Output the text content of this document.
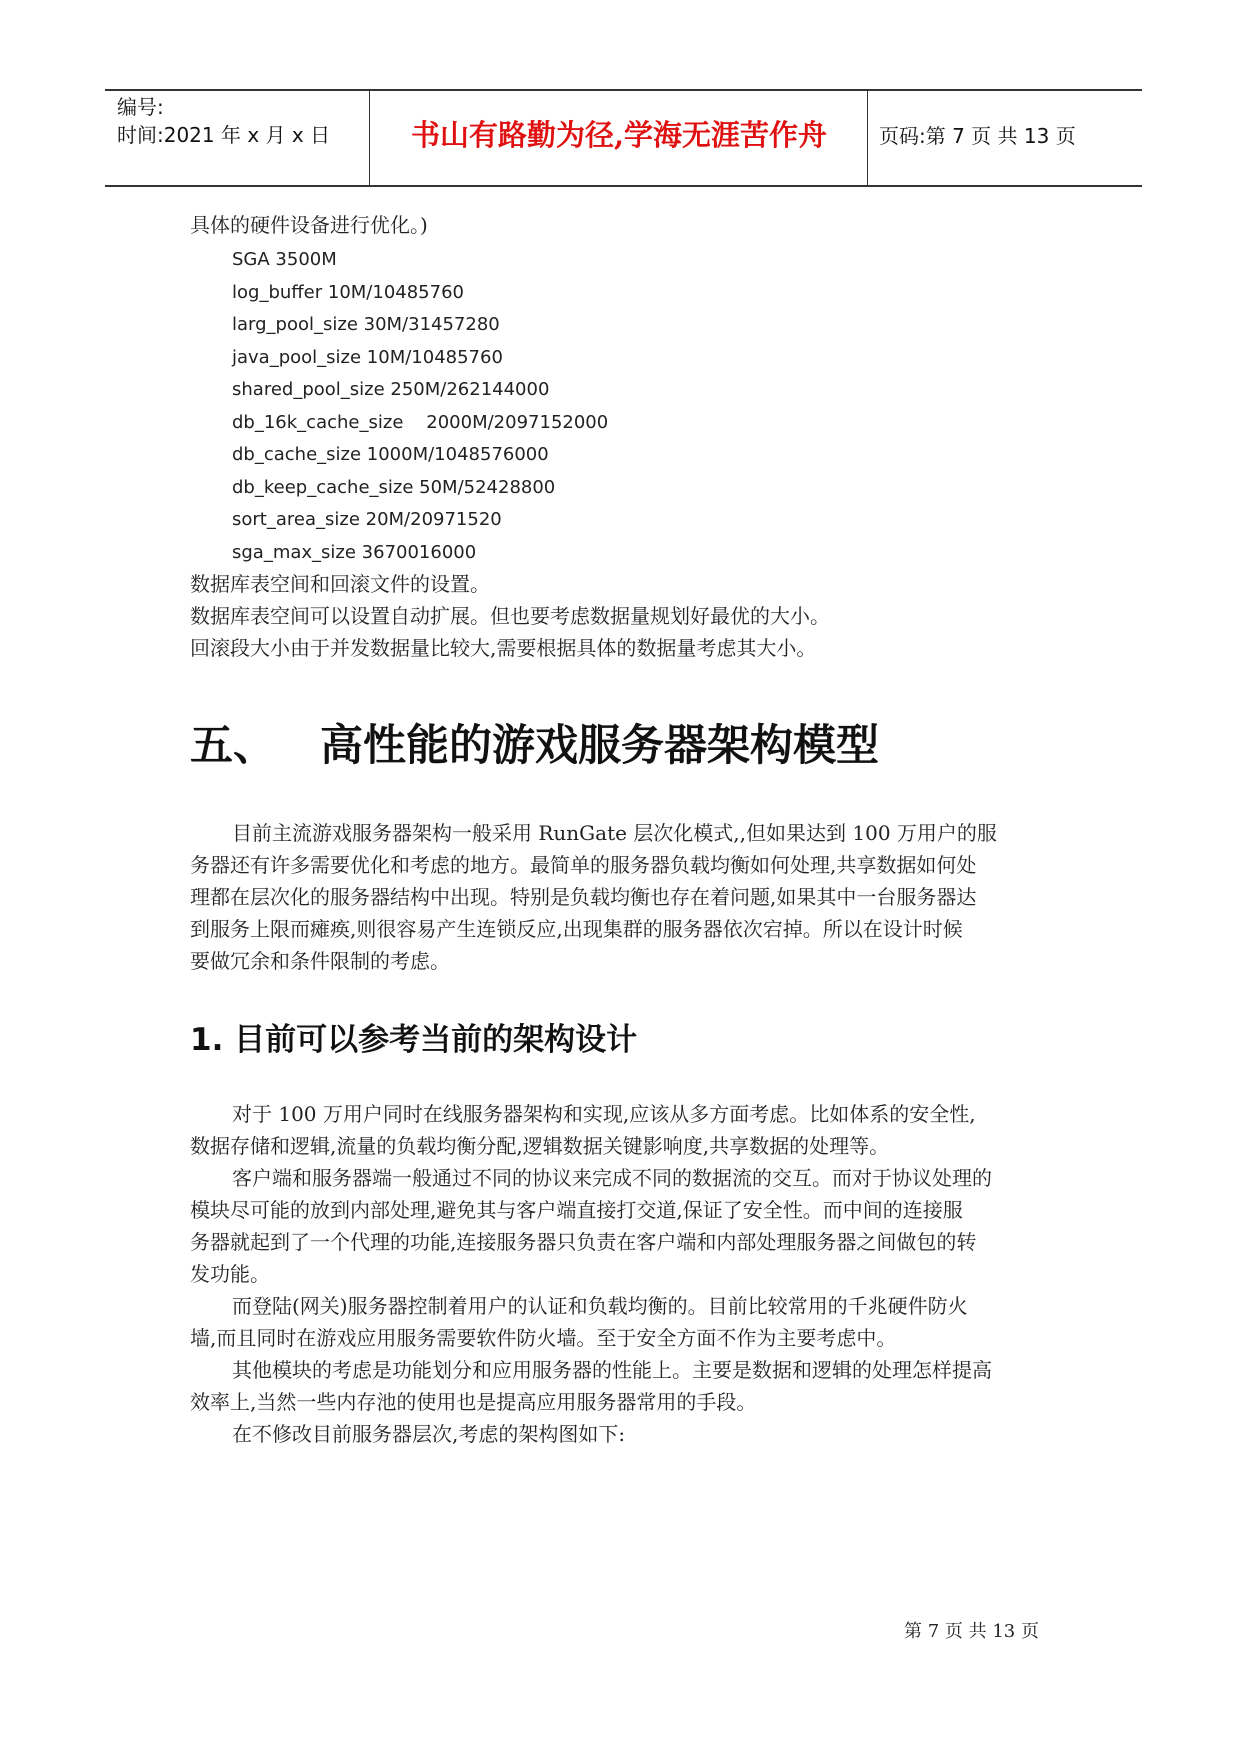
编号:
时间:2021 年 x 月 x 日	书山有路勤为径,学海无涯苦作舟	页码:第 7 页 共 13 页
具体的硬件设备进行优化。)
SGA 3500M
log_buffer 10M/10485760
larg_pool_size 30M/31457280
java_pool_size 10M/10485760
shared_pool_size 250M/262144000
db_16k_cache_size    2000M/2097152000
db_cache_size 1000M/1048576000
db_keep_cache_size 50M/52428800
sort_area_size 20M/20971520
sga_max_size 3670016000
数据库表空间和回滚文件的设置。
数据库表空间可以设置自动扩展。但也要考虑数据量规划好最优的大小。
回滚段大小由于并发数据量比较大,需要根据具体的数据量考虑其大小。
五、 高性能的游戏服务器架构模型
目前主流游戏服务器架构一般采用 RunGate 层次化模式,,但如果达到 100 万用户的服
务器还有许多需要优化和考虑的地方。最简单的服务器负载均衡如何处理,共享数据如何处
理都在层次化的服务器结构中出现。特别是负载均衡也存在着问题,如果其中一台服务器达
到服务上限而瘫痪,则很容易产生连锁反应,出现集群的服务器依次宕掉。所以在设计时候
要做冗余和条件限制的考虑。
1. 目前可以参考当前的架构设计
对于 100 万用户同时在线服务器架构和实现,应该从多方面考虑。比如体系的安全性,
数据存储和逻辑,流量的负载均衡分配,逻辑数据关键影响度,共享数据的处理等。
客户端和服务器端一般通过不同的协议来完成不同的数据流的交互。而对于协议处理的
模块尽可能的放到内部处理,避免其与客户端直接打交道,保证了安全性。而中间的连接服
务器就起到了一个代理的功能,连接服务器只负责在客户端和内部处理服务器之间做包的转
发功能。
而登陆(网关)服务器控制着用户的认证和负载均衡的。目前比较常用的千兆硬件防火
墙,而且同时在游戏应用服务需要软件防火墙。至于安全方面不作为主要考虑中。
其他模块的考虑是功能划分和应用服务器的性能上。主要是数据和逻辑的处理怎样提高
效率上,当然一些内存池的使用也是提高应用服务器常用的手段。
在不修改目前服务器层次,考虑的架构图如下:
第 7 页 共 13 页
